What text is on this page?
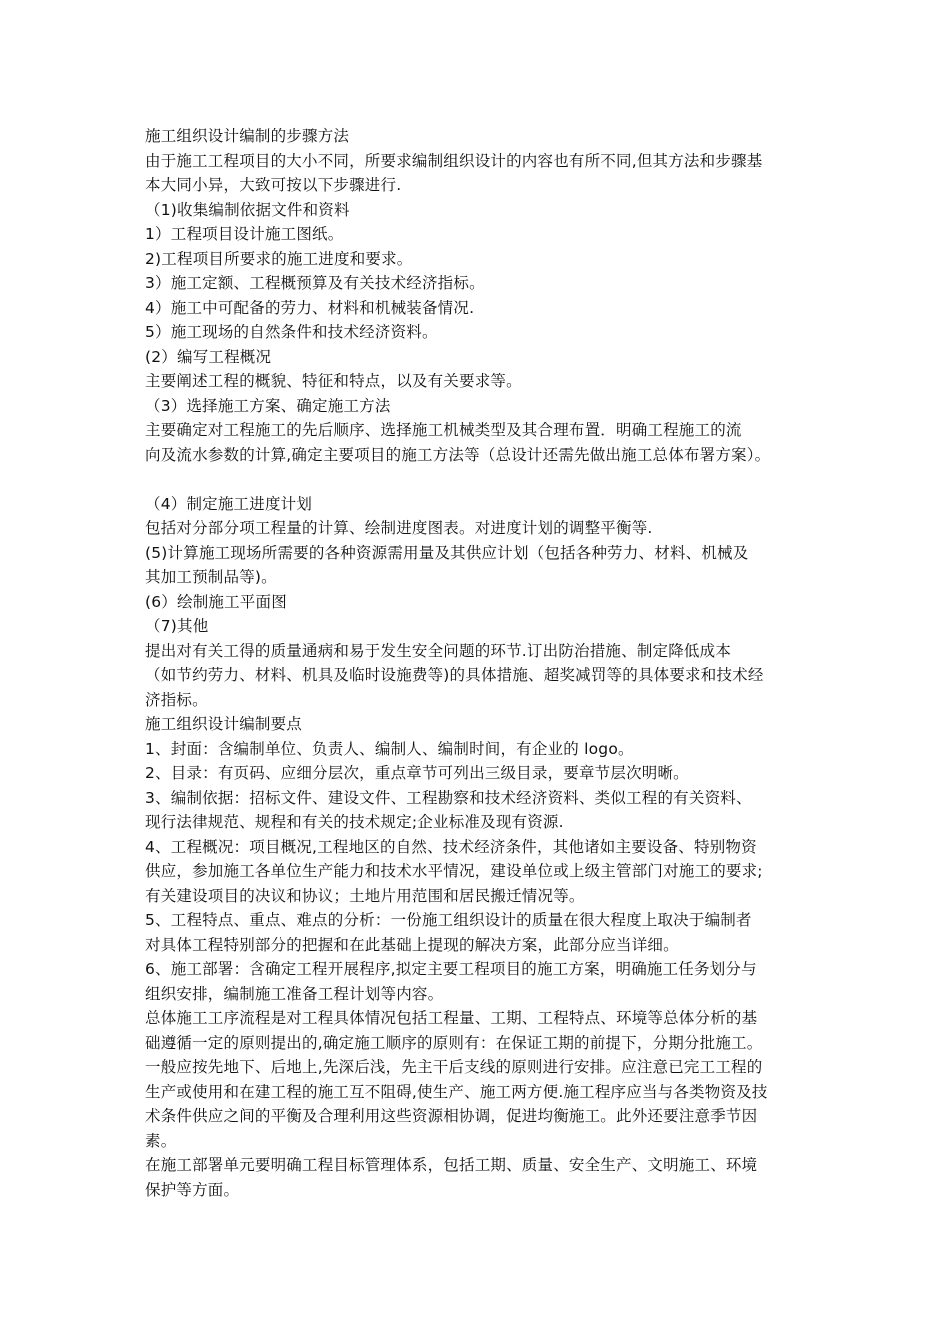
施工组织设计编制的步骤方法
由于施工工程项目的大小不同，所要求编制组织设计的内容也有所不同,但其方法和步骤基
本大同小异，大致可按以下步骤进行.
（1)收集编制依据文件和资料
1）工程项目设计施工图纸。
2)工程项目所要求的施工进度和要求。
3）施工定额、工程概预算及有关技术经济指标。
4）施工中可配备的劳力、材料和机械装备情况.
5）施工现场的自然条件和技术经济资料。
(2）编写工程概况
主要阐述工程的概貌、特征和特点，以及有关要求等。
（3）选择施工方案、确定施工方法
主要确定对工程施工的先后顺序、选择施工机械类型及其合理布置．明确工程施工的流
向及流水参数的计算,确定主要项目的施工方法等（总设计还需先做出施工总体布署方案）。
（4）制定施工进度计划
包括对分部分项工程量的计算、绘制进度图表。对进度计划的调整平衡等.
(5)计算施工现场所需要的各种资源需用量及其供应计划（包括各种劳力、材料、机械及
其加工预制品等)。
(6）绘制施工平面图
（7)其他
提出对有关工得的质量通病和易于发生安全问题的环节.订出防治措施、制定降低成本
（如节约劳力、材料、机具及临时设施费等)的具体措施、超奖减罚等的具体要求和技术经
济指标。
施工组织设计编制要点
1、封面：含编制单位、负责人、编制人、编制时间，有企业的 logo。
2、目录：有页码、应细分层次，重点章节可列出三级目录，要章节层次明晰。
3、编制依据：招标文件、建设文件、工程勘察和技术经济资料、类似工程的有关资料、
现行法律规范、规程和有关的技术规定;企业标准及现有资源.
4、工程概况：项目概况,工程地区的自然、技术经济条件，其他诸如主要设备、特别物资
供应，参加施工各单位生产能力和技术水平情况，建设单位或上级主管部门对施工的要求;
有关建设项目的决议和协议；土地片用范围和居民搬迁情况等。
5、工程特点、重点、难点的分析：一份施工组织设计的质量在很大程度上取决于编制者
对具体工程特别部分的把握和在此基础上提现的解决方案，此部分应当详细。
6、施工部署：含确定工程开展程序,拟定主要工程项目的施工方案，明确施工任务划分与
组织安排，编制施工准备工程计划等内容。
总体施工工序流程是对工程具体情况包括工程量、工期、工程特点、环境等总体分析的基
础遵循一定的原则提出的,确定施工顺序的原则有：在保证工期的前提下，分期分批施工。
一般应按先地下、后地上,先深后浅，先主干后支线的原则进行安排。应注意已完工工程的
生产或使用和在建工程的施工互不阻碍,使生产、施工两方便.施工程序应当与各类物资及技
术条件供应之间的平衡及合理利用这些资源相协调，促进均衡施工。此外还要注意季节因
素。
在施工部署单元要明确工程目标管理体系，包括工期、质量、安全生产、文明施工、环境
保护等方面。
